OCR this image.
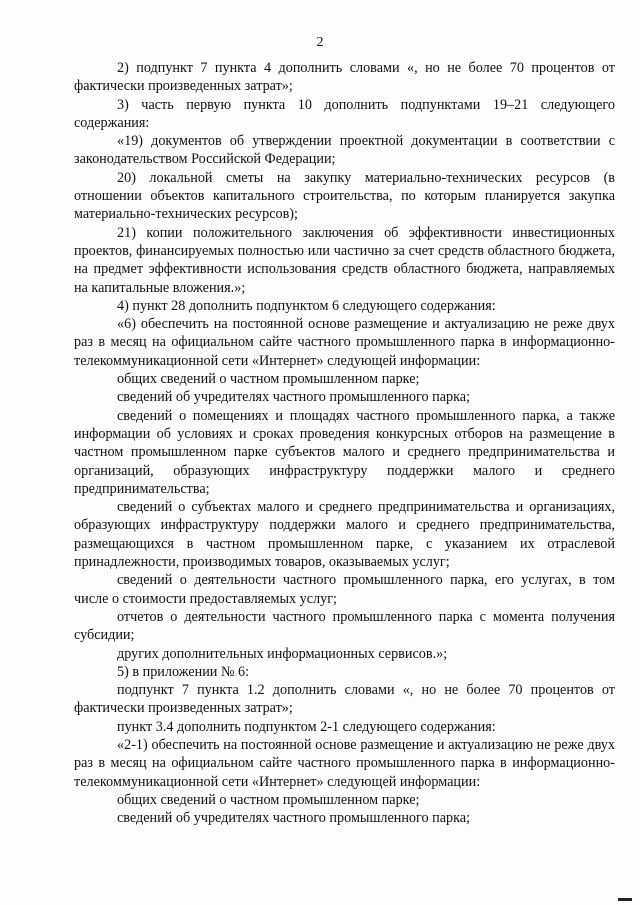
2

2) подпункт 7 пункта 4 дополнить словами «, но не более 70 процентов от фактически произведенных затрат»;

3) часть первую пункта 10 дополнить подпунктами 19–21 следующего содержания:

«19) документов об утверждении проектной документации в соответствии с законодательством Российской Федерации;

20) локальной сметы на закупку материально-технических ресурсов (в отношении объектов капитального строительства, по которым планируется закупка материально-технических ресурсов);

21) копии положительного заключения об эффективности инвестиционных проектов, финансируемых полностью или частично за счет средств областного бюджета, на предмет эффективности использования средств областного бюджета, направляемых на капитальные вложения.»;

4) пункт 28 дополнить подпунктом 6 следующего содержания:

«6) обеспечить на постоянной основе размещение и актуализацию не реже двух раз в месяц на официальном сайте частного промышленного парка в информационно-телекоммуникационной сети «Интернет» следующей информации:

общих сведений о частном промышленном парке;

сведений об учредителях частного промышленного парка;

сведений о помещениях и площадях частного промышленного парка, а также информации об условиях и сроках проведения конкурсных отборов на размещение в частном промышленном парке субъектов малого и среднего предпринимательства и организаций, образующих инфраструктуру поддержки малого и среднего предпринимательства;

сведений о субъектах малого и среднего предпринимательства и организациях, образующих инфраструктуру поддержки малого и среднего предпринимательства, размещающихся в частном промышленном парке, с указанием их отраслевой принадлежности, производимых товаров, оказываемых услуг;

сведений о деятельности частного промышленного парка, его услугах, в том числе о стоимости предоставляемых услуг;

отчетов о деятельности частного промышленного парка с момента получения субсидии;

других дополнительных информационных сервисов.»;

5) в приложении № 6:

подпункт 7 пункта 1.2 дополнить словами «, но не более 70 процентов от фактически произведенных затрат»;

пункт 3.4 дополнить подпунктом 2-1 следующего содержания:

«2-1) обеспечить на постоянной основе размещение и актуализацию не реже двух раз в месяц на официальном сайте частного промышленного парка в информационно-телекоммуникационной сети «Интернет» следующей информации:

общих сведений о частном промышленном парке;

сведений об учредителях частного промышленного парка;
